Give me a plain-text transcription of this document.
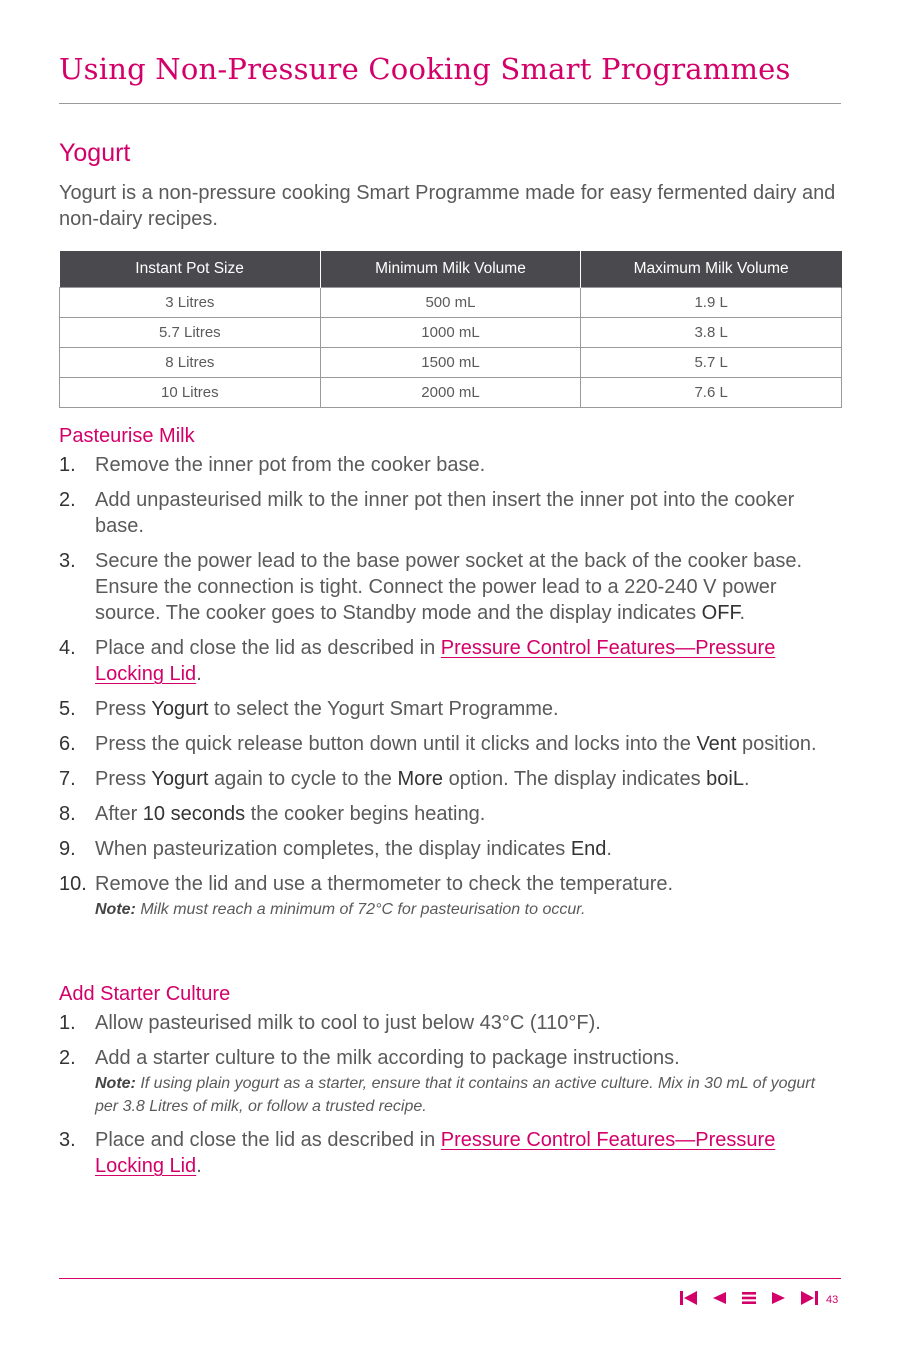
Using Non-Pressure Cooking Smart Programmes
Yogurt

Yogurt is a non-pressure cooking Smart Programme made for easy fermented dairy and non-dairy recipes.

Instant Pot Size	Minimum Milk Volume	Maximum Milk Volume
3 Litres	500 mL	1.9 L
5.7 Litres	1000 mL	3.8 L
8 Litres	1500 mL	5.7 L
10 Litres	2000 mL	7.6 L
Pasteurise Milk
1. Remove the inner pot from the cooker base.
2. Add unpasteurised milk to the inner pot then insert the inner pot into the cooker base.
3. Secure the power lead to the base power socket at the back of the cooker base. Ensure the connection is tight. Connect the power lead to a 220-240 V power source. The cooker goes to Standby mode and the display indicates OFF.
4. Place and close the lid as described in Pressure Control Features—Pressure Locking Lid.
5. Press Yogurt to select the Yogurt Smart Programme.
6. Press the quick release button down until it clicks and locks into the Vent position.
7. Press Yogurt again to cycle to the More option. The display indicates boiL.
8. After 10 seconds the cooker begins heating.
9. When pasteurization completes, the display indicates End.
10. Remove the lid and use a thermometer to check the temperature.
Note: Milk must reach a minimum of 72°C for pasteurisation to occur.
Add Starter Culture
1. Allow pasteurised milk to cool to just below 43°C (110°F).
2. Add a starter culture to the milk according to package instructions.
Note: If using plain yogurt as a starter, ensure that it contains an active culture. Mix in 30 mL of yogurt per 3.8 Litres of milk, or follow a trusted recipe.
3. Place and close the lid as described in Pressure Control Features—Pressure Locking Lid.
43
